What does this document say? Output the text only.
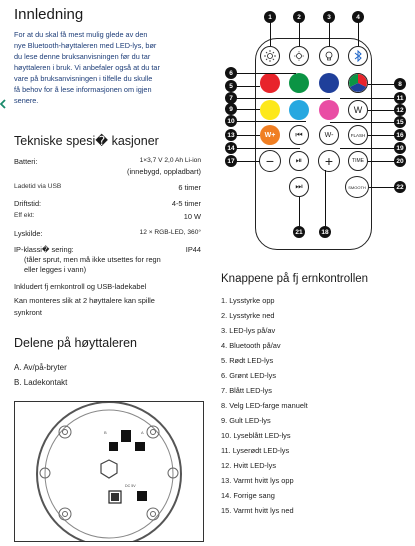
Innledning
For at du skal få mest mulig glede av den
nye Bluetooth-høyttaleren med LED-lys, bør
du lese denne bruksanvisningen før du tar
høyttaleren i bruk. Vi anbefaler også at du tar
vare på bruksanvisningen i tilfelle du skulle
få behov for å lese informasjonen om igjen
senere.
Tekniske spesi� kasjoner
Batteri:	1×3,7 V 2,0 Ah Li-ion
(innebygd, oppladbart)
Ladetid via USB	6 timer
Driftstid:	4-5 timer
Eff ekt:	10 W
Lyskilde:	12 × RGB-LED, 360°
IP-klassi� sering:	IP44
(tåler sprut, men må ikke utsettes for regn
eller legges i vann)
Inkludert fj ernkontroll og USB-ladekabel
Kan monteres slik at 2 høyttalere kan spille
synkront
Delene på høyttaleren
A. Av/på-bryter
B. Ladekontakt
B	A
DC 5V
W
W+	⏮	W-	FLASH
−	⏯ +	TIME
⏭	SMOOTH
1	2	3	4
5
6
7
8
9
10
11
12
13
14
15
16
17
18
19
20
21
22
Knappene på fj ernkontrollen
1. Lysstyrke opp
2. Lysstyrke ned
3. LED-lys på/av
4. Bluetooth på/av
5. Rødt LED-lys
6. Grønt LED-lys
7. Blått LED-lys
8. Velg LED-farge manuelt
9. Gult LED-lys
10. Lyseblått LED-lys
11. Lyserødt LED-lys
12. Hvitt LED-lys
13. Varmt hvitt lys opp
14. Forrige sang
15. Varmt hvitt lys ned
